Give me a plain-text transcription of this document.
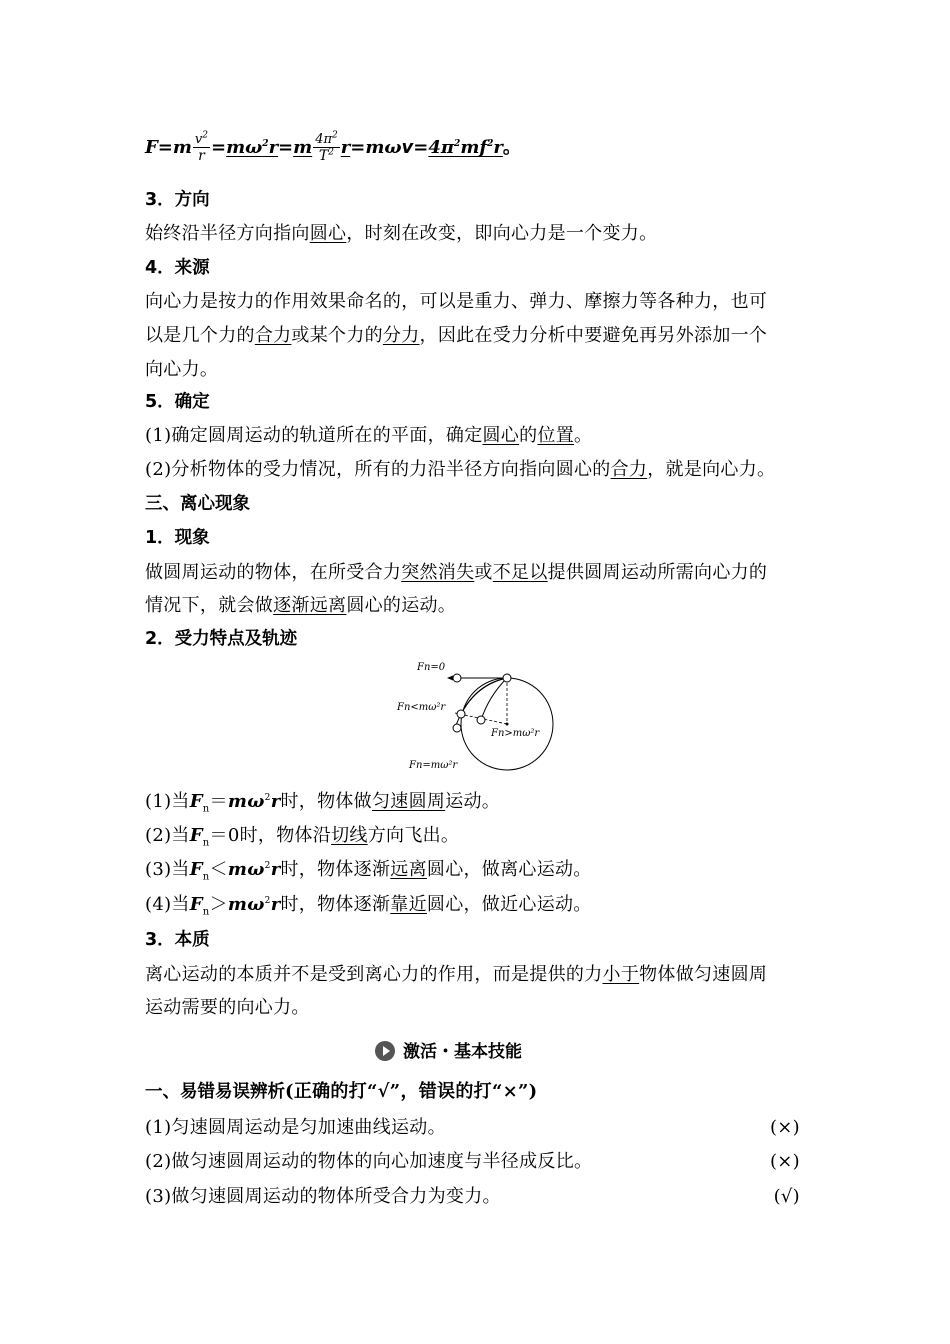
$F=m \frac{v^2}{r} =m\omega^2r=m \frac{4\pi^2}{T^2} r=m\omega v=4\pi^2mf^2r$。
3．方向
始终沿半径方向指向圆心，时刻在改变，即向心力是一个变力。
4．来源
向心力是按力的作用效果命名的，可以是重力、弹力、摩擦力等各种力，也可
以是几个力的合力或某个力的分力，因此在受力分析中要避免再另外添加一个
向心力。
5．确定
(1)确定圆周运动的轨道所在的平面，确定圆心的位置。
(2)分析物体的受力情况，所有的力沿半径方向指向圆心的合力，就是向心力。
三、离心现象
1．现象
做圆周运动的物体，在所受合力突然消失或不足以提供圆周运动所需向心力的
情况下，就会做逐渐远离圆心的运动。
2．受力特点及轨迹
Fn=0
Fn<mω²r
Fn>mω²r
Fn=mω²r
(1)当$F_n=m\omega^2r$时，物体做匀速圆周运动。
(2)当$F_n=0$时，物体沿切线方向飞出。
(3)当$F_n<m\omega^2r$时，物体逐渐远离圆心，做离心运动。
(4)当$F_n>m\omega^2r$时，物体逐渐靠近圆心，做近心运动。
3．本质
离心运动的本质并不是受到离心力的作用，而是提供的力小于物体做匀速圆周
运动需要的向心力。
激活・基本技能
一、易错易误辨析(正确的打“√”，错误的打“×”)
(1)匀速圆周运动是匀加速曲线运动。	(×)
(2)做匀速圆周运动的物体的向心加速度与半径成反比。	(×)
(3)做匀速圆周运动的物体所受合力为变力。	(√)
